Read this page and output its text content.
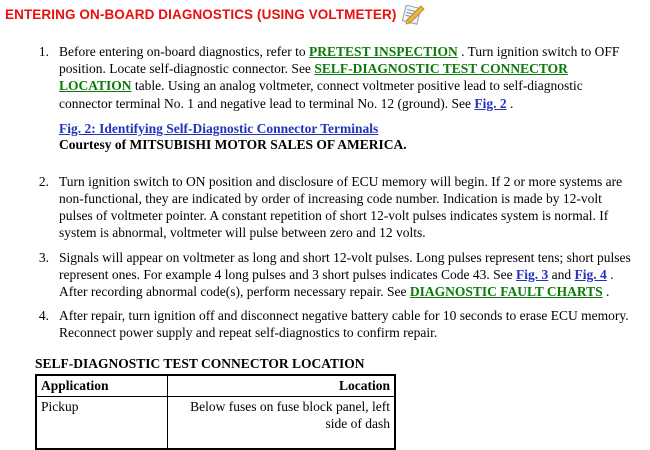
ENTERING ON-BOARD DIAGNOSTICS (USING VOLTMETER)
1. Before entering on-board diagnostics, refer to PRETEST INSPECTION . Turn ignition switch to OFF position. Locate self-diagnostic connector. See SELF-DIAGNOSTIC TEST CONNECTOR LOCATION table. Using an analog voltmeter, connect voltmeter positive lead to self-diagnostic connector terminal No. 1 and negative lead to terminal No. 12 (ground). See Fig. 2 .
Fig. 2: Identifying Self-Diagnostic Connector Terminals
Courtesy of MITSUBISHI MOTOR SALES OF AMERICA.
2. Turn ignition switch to ON position and disclosure of ECU memory will begin. If 2 or more systems are non-functional, they are indicated by order of increasing code number. Indication is made by 12-volt pulses of voltmeter pointer. A constant repetition of short 12-volt pulses indicates system is normal. If system is abnormal, voltmeter will pulse between zero and 12 volts.
3. Signals will appear on voltmeter as long and short 12-volt pulses. Long pulses represent tens; short pulses represent ones. For example 4 long pulses and 3 short pulses indicates Code 43. See Fig. 3 and Fig. 4 . After recording abnormal code(s), perform necessary repair. See DIAGNOSTIC FAULT CHARTS .
4. After repair, turn ignition off and disconnect negative battery cable for 10 seconds to erase ECU memory. Reconnect power supply and repeat self-diagnostics to confirm repair.
SELF-DIAGNOSTIC TEST CONNECTOR LOCATION
Application	Location
Pickup	Below fuses on fuse block panel, left side of dash
